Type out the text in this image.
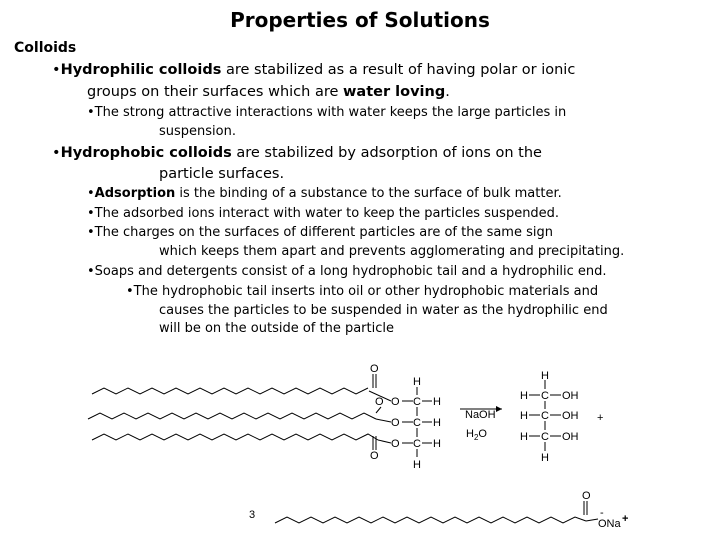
Properties of Solutions
Colloids
•Hydrophilic colloids are stabilized as a result of having polar or ionic
groups on their surfaces which are water loving.
•The strong attractive interactions with water keeps the large particles in
suspension.
•Hydrophobic colloids are stabilized by adsorption of ions on the
particle surfaces.
•Adsorption is the binding of a substance to the surface of bulk matter.
•The adsorbed ions interact with water to keep the particles suspended.
•The charges on the surfaces of different particles are of the same sign
which keeps them apart and prevents agglomerating and precipitating.
•Soaps and detergents consist of a long hydrophobic tail and a hydrophilic end.
•The hydrophobic tail inserts into oil or other hydrophobic materials and
causes the particles to be suspended in water as the hydrophilic end
will be on the outside of the particle
O
O
O
O
O
O
H
C
C
C
H
H
H
H
NaOH
$H_2O$
H
C
C
C
H
H
H
H
OH
OH
OH
+
O
-
ONa +
3
